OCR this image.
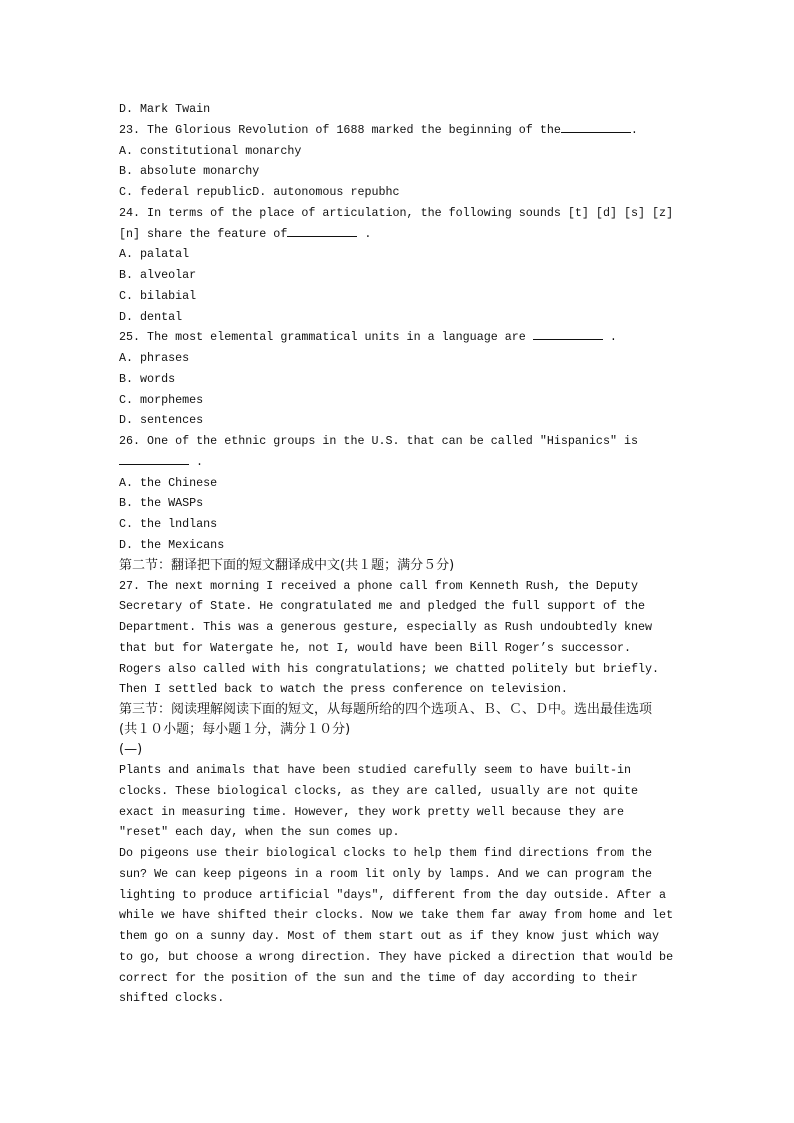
D. Mark Twain
23. The Glorious Revolution of 1688 marked the beginning of the	.
A. constitutional monarchy
B. absolute monarchy
C. federal republicD. autonomous repubhc
24. In terms of the place of articulation, the following sounds [t] [d] [s] [z]
[n] share the feature of	.
A. palatal
B. alveolar
C. bilabial
D. dental
25. The most elemental grammatical units in a language are	.
A. phrases
B. words
C. morphemes
D. sentences
26. One of the ethnic groups in the U.S. that can be called ″Hispanics″ is
.
A. the Chinese
B. the WASPs
C. the lndlans
D. the Mexicans
第二节：翻译把下面的短文翻译成中文(共１题；满分５分)
27. The next morning I received a phone call from Kenneth Rush, the Deputy
Secretary of State. He congratulated me and pledged the full support of the
Department. This was a generous gesture, especially as Rush undoubtedly knew
that but for Watergate he, not I, would have been Bill Roger’s successor.
Rogers also called with his congratulations; we chatted politely but briefly.
Then I settled back to watch the press conference on television.
第三节：阅读理解阅读下面的短文，从每题所给的四个选项Ａ、Ｂ、Ｃ、Ｄ中。选出最佳选项
(共１０小题；每小题１分，满分１０分)
(—)
Plants and animals that have been studied carefully seem to have built-in
clocks. These biological clocks, as they are called, usually are not quite
exact in measuring time. However, they work pretty well because they are
″reset″ each day, when the sun comes up.
Do pigeons use their biological clocks to help them find directions from the
sun? We can keep pigeons in a room lit only by lamps. And we can program the
lighting to produce artificial ″days″, different from the day outside. After a
while we have shifted their clocks. Now we take them far away from home and let
them go on a sunny day. Most of them start out as if they know just which way
to go, but choose a wrong direction. They have picked a direction that would be
correct for the position of the sun and the time of day according to their
shifted clocks.
